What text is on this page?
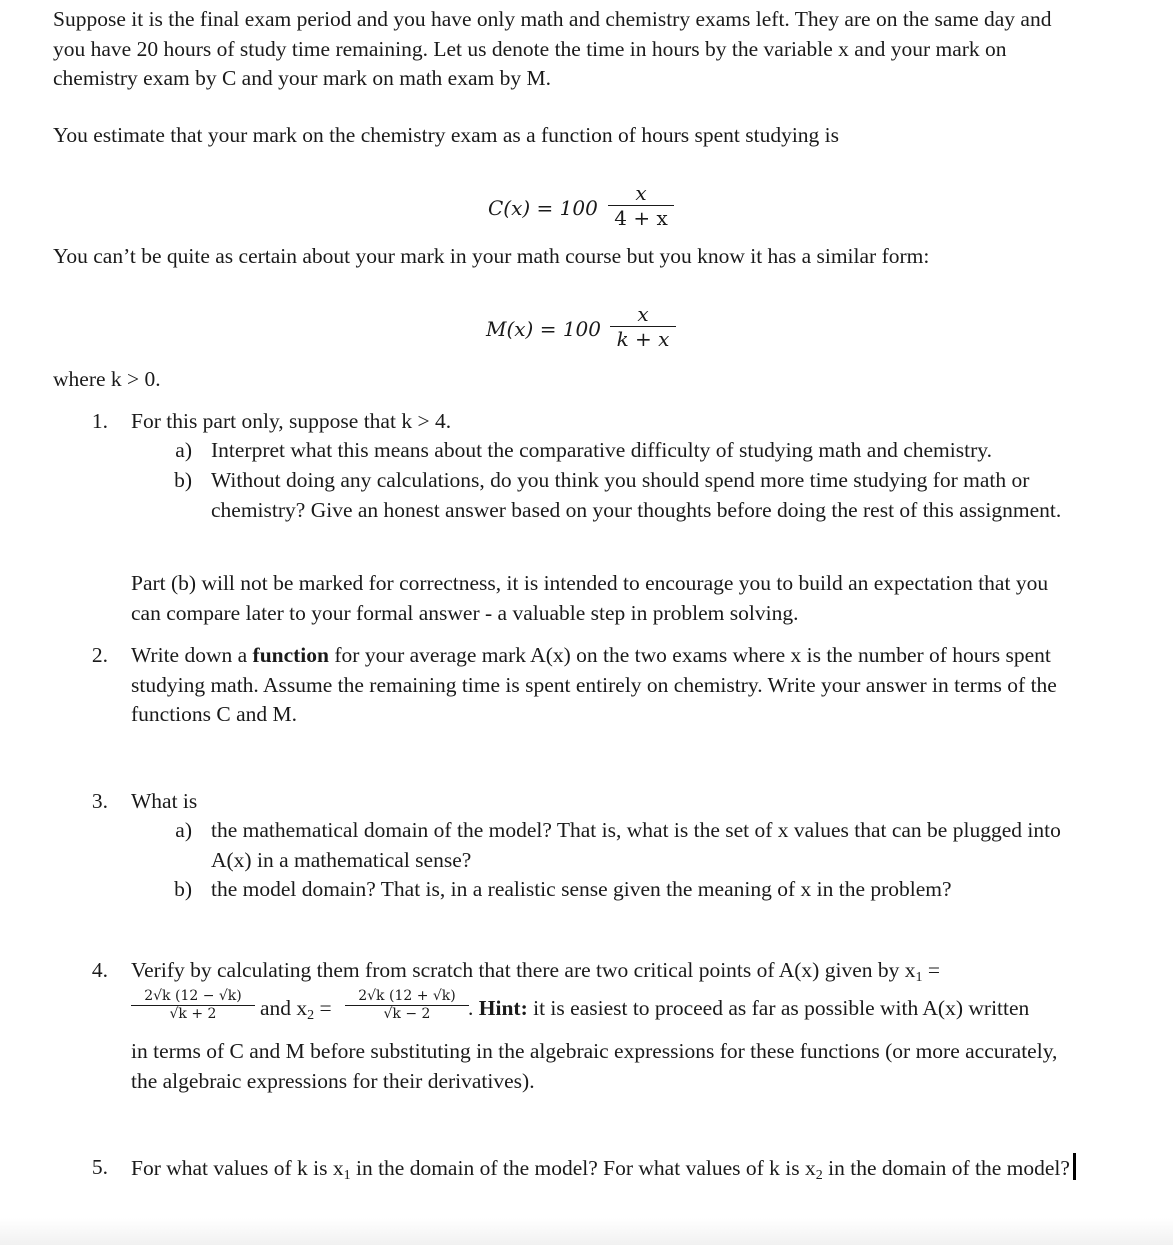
Suppose it is the final exam period and you have only math and chemistry exams left. They are on the same day and you have 20 hours of study time remaining. Let us denote the time in hours by the variable x and your mark on chemistry exam by C and your mark on math exam by M.

You estimate that your mark on the chemistry exam as a function of hours spent studying is

C(x) = 100
x
4 + x

You can’t be quite as certain about your mark in your math course but you know it has a similar form:

M(x) = 100
x
k + x

where k > 0.

1. For this part only, suppose that k > 4.
a) Interpret what this means about the comparative difficulty of studying math and chemistry.
b) Without doing any calculations, do you think you should spend more time studying for math or chemistry? Give an honest answer based on your thoughts before doing the rest of this assignment.

Part (b) will not be marked for correctness, it is intended to encourage you to build an expectation that you can compare later to your formal answer - a valuable step in problem solving.

2. Write down a function for your average mark A(x) on the two exams where x is the number of hours spent studying math. Assume the remaining time is spent entirely on chemistry. Write your answer in terms of the functions C and M.
3. What is
a) the mathematical domain of the model? That is, what is the set of x values that can be plugged into A(x) in a mathematical sense?
b) the model domain? That is, in a realistic sense given the meaning of x in the problem?
4. Verify by calculating them from scratch that there are two critical points of A(x) given by $x_1$ =
2√k (12 − √k)
√k + 2	and $x_2$ =	2√k (12 + √k)
√k − 2	. Hint: it is easiest to proceed as far as possible with A(x) written

in terms of C and M before substituting in the algebraic expressions for these functions (or more accurately, the algebraic expressions for their derivatives).

5. For what values of k is $x_1$ in the domain of the model? For what values of k is $x_2$ in the domain of the model?
